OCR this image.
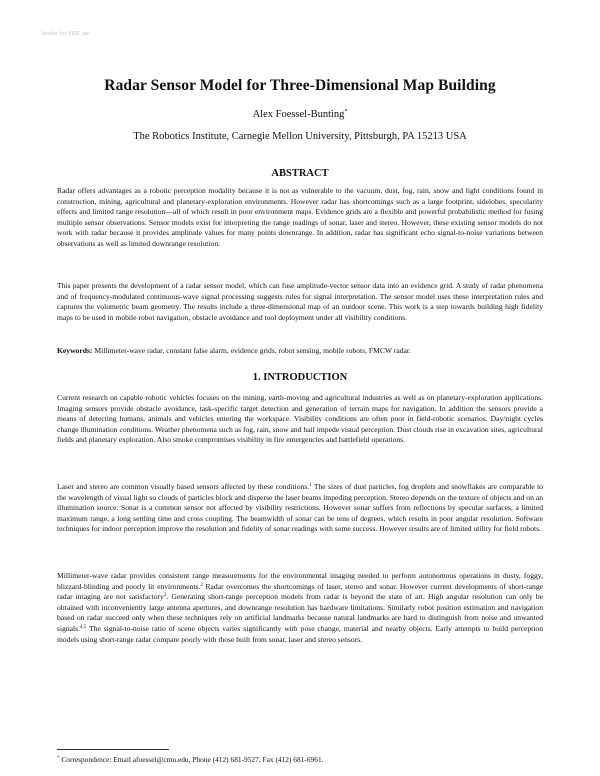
header for SPIE use
Radar Sensor Model for Three-Dimensional Map Building
Alex Foessel-Bunting*
The Robotics Institute, Carnegie Mellon University, Pittsburgh, PA 15213 USA
ABSTRACT
Radar offers advantages as a robotic perception modality because it is not as vulnerable to the vacuum, dust, fog, rain, snow and light conditions found in construction, mining, agricultural and planetary-exploration environments. However radar has shortcomings such as a large footprint, sidelobes, specularity effects and limited range resolution—all of which result in poor environment maps. Evidence grids are a flexible and powerful probabilistic method for fusing multiple sensor observations. Sensor models exist for interpreting the range readings of sonar, laser and stereo. However, these existing sensor models do not work with radar because it provides amplitude values for many points downrange. In addition, radar has significant echo signal-to-noise variations between observations as well as limited downrange resolution.
This paper presents the development of a radar sensor model, which can fuse amplitude-vector sensor data into an evidence grid. A study of radar phenomena and of frequency-modulated continuous-wave signal processing suggests rules for signal interpretation. The sensor model uses these interpretation rules and captures the volumetric beam geometry. The results include a three-dimensional map of an outdoor scene. This work is a step towards building high fidelity maps to be used in mobile robot navigation, obstacle avoidance and tool deployment under all visibility conditions.
Keywords: Millimeter-wave radar, constant false alarm, evidence grids, robot sensing, mobile robots, FMCW radar.
1. INTRODUCTION
Current research on capable robotic vehicles focuses on the mining, earth-moving and agricultural industries as well as on planetary-exploration applications. Imaging sensors provide obstacle avoidance, task-specific target detection and generation of terrain maps for navigation. In addition the sensors provide a means of detecting humans, animals and vehicles entering the workspace. Visibility conditions are often poor in field-robotic scenarios. Day/night cycles change illumination conditions. Weather phenomena such as fog, rain, snow and hail impede visual perception. Dust clouds rise in excavation sites, agricultural fields and planetary exploration. Also smoke compromises visibility in fire emergencies and battlefield operations.
Laser and stereo are common visually based sensors affected by these conditions.$^1$ The sizes of dust particles, fog droplets and snowflakes are comparable to the wavelength of visual light so clouds of particles block and disperse the laser beams impeding perception. Stereo depends on the texture of objects and on an illumination source. Sonar is a common sensor not affected by visibility restrictions. However sonar suffers from reflections by specular surfaces, a limited maximum range, a long settling time and cross coupling. The beamwidth of sonar can be tens of degrees, which results in poor angular resolution. Software techniques for indoor perception improve the resolution and fidelity of sonar readings with some success. However results are of limited utility for field robots.
Millimeter-wave radar provides consistent range measurements for the environmental imaging needed to perform autonomous operations in dusty, foggy, blizzard-blinding and poorly lit environments.$^2$ Radar overcomes the shortcomings of laser, stereo and sonar. However current developments of short-range radar imaging are not satisfactory$^3$. Generating short-range perception models from radar is beyond the state of art. High angular resolution can only be obtained with inconveniently large antenna apertures, and downrange resolution has hardware limitations. Similarly robot position estimation and navigation based on radar succeed only when these techniques rely on artificial landmarks because natural landmarks are hard to distinguish from noise and unwanted signals.$^{4,5}$ The signal-to-noise ratio of scene objects varies significantly with pose change, material and nearby objects. Early attempts to build perception models using short-range radar compare poorly with those built from sonar, laser and stereo sensors.
* Correspondence: Email afoessel@cmu.edu, Phone (412) 681-9527, Fax (412) 681-6961.
